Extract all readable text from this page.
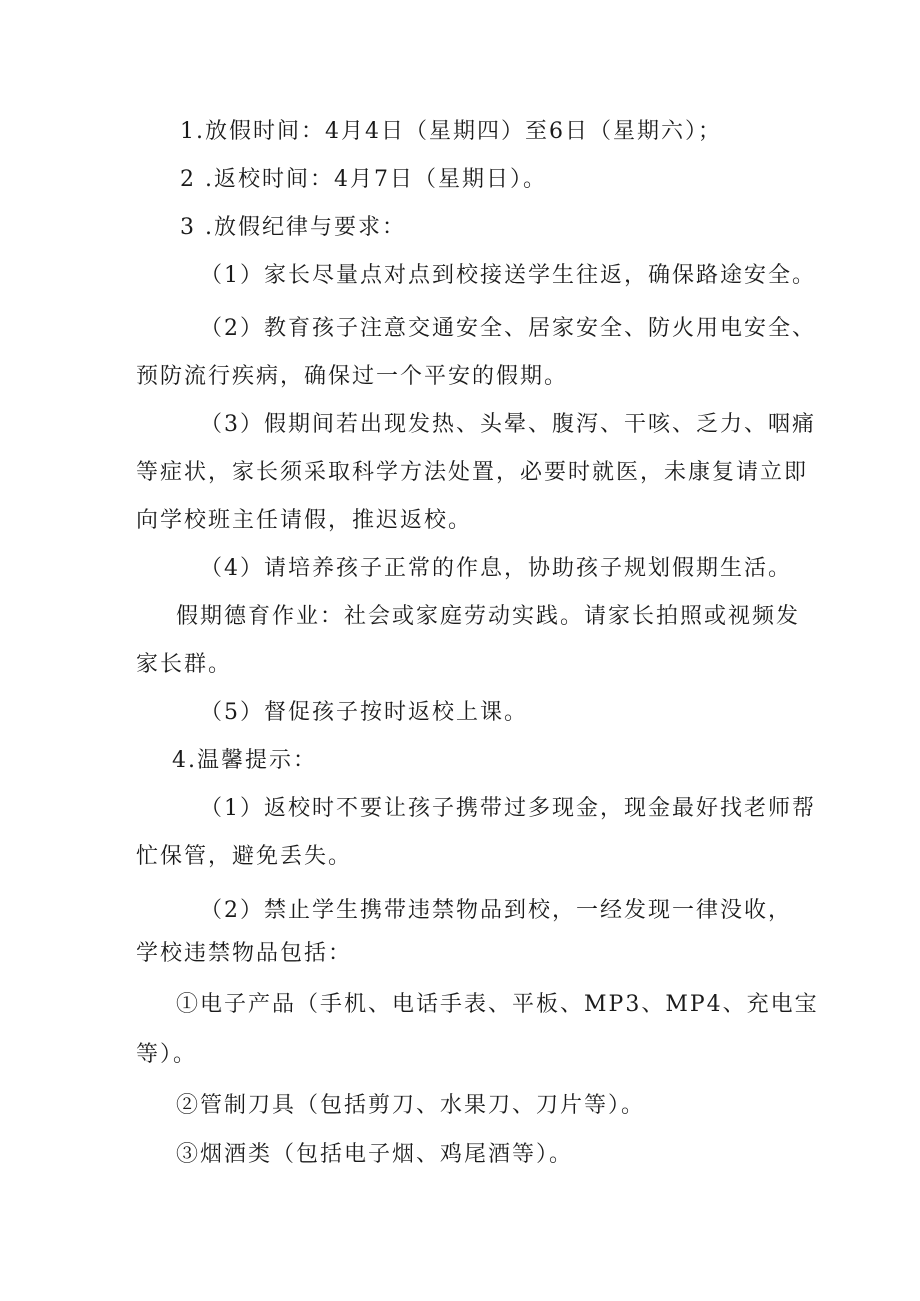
1.放假时间：4月4日（星期四）至6日（星期六）；

2 .返校时间：4月7日（星期日）。

3 .放假纪律与要求：

（1）家长尽量点对点到校接送学生往返，确保路途安全。

（2）教育孩子注意交通安全、居家安全、防火用电安全、

预防流行疾病，确保过一个平安的假期。

（3）假期间若出现发热、头晕、腹泻、干咳、乏力、咽痛

等症状，家长须采取科学方法处置，必要时就医，未康复请立即

向学校班主任请假，推迟返校。

（4）请培养孩子正常的作息，协助孩子规划假期生活。

假期德育作业：社会或家庭劳动实践。请家长拍照或视频发

家长群。

（5）督促孩子按时返校上课。

4.温馨提示：

（1）返校时不要让孩子携带过多现金，现金最好找老师帮

忙保管，避免丢失。

（2）禁止学生携带违禁物品到校，一经发现一律没收，

学校违禁物品包括：

①电子产品（手机、电话手表、平板、MP3、MP4、充电宝

等）。

②管制刀具（包括剪刀、水果刀、刀片等）。

③烟酒类（包括电子烟、鸡尾酒等）。
